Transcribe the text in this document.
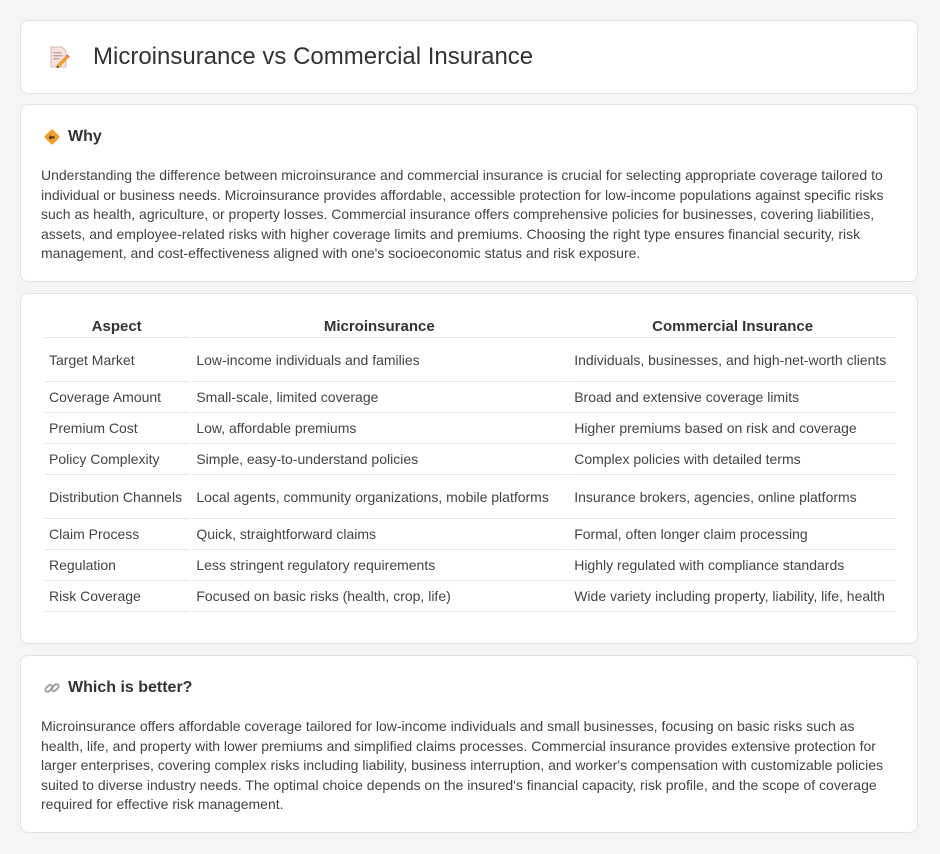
Microinsurance vs Commercial Insurance
Why

Understanding the difference between microinsurance and commercial insurance is crucial for selecting appropriate coverage tailored to individual or business needs. Microinsurance provides affordable, accessible protection for low-income populations against specific risks such as health, agriculture, or property losses. Commercial insurance offers comprehensive policies for businesses, covering liabilities, assets, and employee-related risks with higher coverage limits and premiums. Choosing the right type ensures financial security, risk management, and cost-effectiveness aligned with one's socioeconomic status and risk exposure.

Aspect	Microinsurance	Commercial Insurance
Target Market	Low-income individuals and families	Individuals, businesses, and high-net-worth clients
Coverage Amount	Small-scale, limited coverage	Broad and extensive coverage limits
Premium Cost	Low, affordable premiums	Higher premiums based on risk and coverage
Policy Complexity	Simple, easy-to-understand policies	Complex policies with detailed terms
Distribution Channels	Local agents, community organizations, mobile platforms	Insurance brokers, agencies, online platforms
Claim Process	Quick, straightforward claims	Formal, often longer claim processing
Regulation	Less stringent regulatory requirements	Highly regulated with compliance standards
Risk Coverage	Focused on basic risks (health, crop, life)	Wide variety including property, liability, life, health
Which is better?

Microinsurance offers affordable coverage tailored for low-income individuals and small businesses, focusing on basic risks such as health, life, and property with lower premiums and simplified claims processes. Commercial insurance provides extensive protection for larger enterprises, covering complex risks including liability, business interruption, and worker's compensation with customizable policies suited to diverse industry needs. The optimal choice depends on the insured's financial capacity, risk profile, and the scope of coverage required for effective risk management.
